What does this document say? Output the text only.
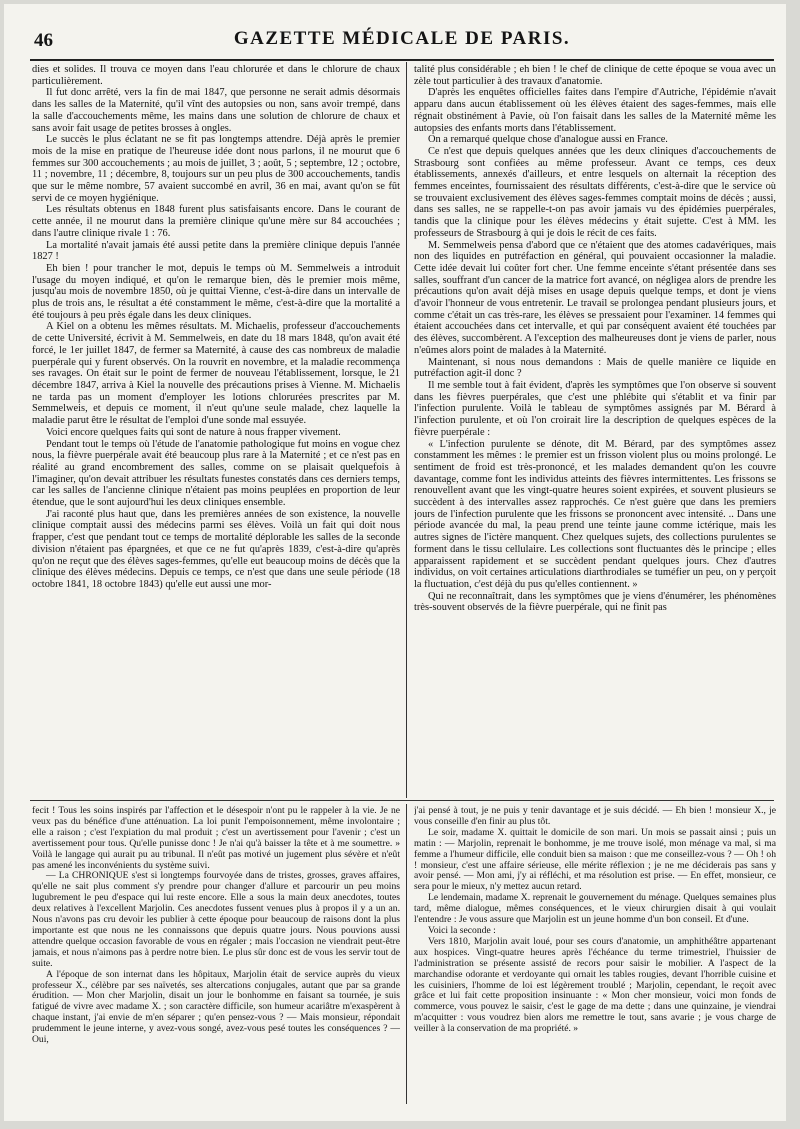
46	GAZETTE MÉDICALE DE PARIS.

dies et solides. Il trouva ce moyen dans l'eau chlorurée et dans le chlorure de chaux particulièrement.

Il fut donc arrêté, vers la fin de mai 1847, que personne ne serait admis désormais dans les salles de la Maternité, qu'il vînt des autopsies ou non, sans avoir trempé, dans la salle d'accouchements même, les mains dans une solution de chlorure de chaux et sans avoir fait usage de petites brosses à ongles.

Le succès le plus éclatant ne se fit pas longtemps attendre. Déjà après le premier mois de la mise en pratique de l'heureuse idée dont nous parlons, il ne mourut que 6 femmes sur 300 accouchements ; au mois de juillet, 3 ; août, 5 ; septembre, 12 ; octobre, 11 ; novembre, 11 ; décembre, 8, toujours sur un peu plus de 300 accouchements, tandis que sur le même nombre, 57 avaient succombé en avril, 36 en mai, avant qu'on se fût servi de ce moyen hygiénique.

Les résultats obtenus en 1848 furent plus satisfaisants encore. Dans le courant de cette année, il ne mourut dans la première clinique qu'une mère sur 84 accouchées ; dans l'autre clinique rivale 1 : 76.

La mortalité n'avait jamais été aussi petite dans la première clinique depuis l'année 1827 !

Eh bien ! pour trancher le mot, depuis le temps où M. Semmelweis a introduit l'usage du moyen indiqué, et qu'on le remarque bien, dès le premier mois même, jusqu'au mois de novembre 1850, où je quittai Vienne, c'est-à-dire dans un intervalle de plus de trois ans, le résultat a été constamment le même, c'est-à-dire que la mortalité a été toujours à peu près égale dans les deux cliniques.

A Kiel on a obtenu les mêmes résultats. M. Michaelis, professeur d'accouchements de cette Université, écrivit à M. Semmelweis, en date du 18 mars 1848, qu'on avait été forcé, le 1er juillet 1847, de fermer sa Maternité, à cause des cas nombreux de maladie puerpérale qui y furent observés. On la rouvrit en novembre, et la maladie recommença ses ravages. On était sur le point de fermer de nouveau l'établissement, lorsque, le 21 décembre 1847, arriva à Kiel la nouvelle des précautions prises à Vienne. M. Michaelis ne tarda pas un moment d'employer les lotions chlorurées prescrites par M. Semmelweis, et depuis ce moment, il n'eut qu'une seule malade, chez laquelle la maladie parut être le résultat de l'emploi d'une sonde mal essuyée.

Voici encore quelques faits qui sont de nature à nous frapper vivement.

Pendant tout le temps où l'étude de l'anatomie pathologique fut moins en vogue chez nous, la fièvre puerpérale avait été beaucoup plus rare à la Maternité ; et ce n'est pas en réalité au grand encombrement des salles, comme on se plaisait quelquefois à l'imaginer, qu'on devait attribuer les résultats funestes constatés dans ces derniers temps, car les salles de l'ancienne clinique n'étaient pas moins peuplées en proportion de leur étendue, que le sont aujourd'hui les deux cliniques ensemble.

J'ai raconté plus haut que, dans les premières années de son existence, la nouvelle clinique comptait aussi des médecins parmi ses élèves. Voilà un fait qui doit nous frapper, c'est que pendant tout ce temps de mortalité déplorable les salles de la seconde division n'étaient pas épargnées, et que ce ne fut qu'après 1839, c'est-à-dire qu'après qu'on ne reçut que des élèves sages-femmes, qu'elle eut beaucoup moins de décès que la clinique des élèves médecins. Depuis ce temps, ce n'est que dans une seule période (18 octobre 1841, 18 octobre 1843) qu'elle eut aussi une mor-

talité plus considérable ; eh bien ! le chef de clinique de cette époque se voua avec un zèle tout particulier à des travaux d'anatomie.

D'après les enquêtes officielles faites dans l'empire d'Autriche, l'épidémie n'avait apparu dans aucun établissement où les élèves étaient des sages-femmes, mais elle régnait obstinément à Pavie, où l'on faisait dans les salles de la Maternité même les autopsies des enfants morts dans l'établissement.

On a remarqué quelque chose d'analogue aussi en France.

Ce n'est que depuis quelques années que les deux cliniques d'accouchements de Strasbourg sont confiées au même professeur. Avant ce temps, ces deux établissements, annexés d'ailleurs, et entre lesquels on alternait la réception des femmes enceintes, fournissaient des résultats différents, c'est-à-dire que le service où se trouvaient exclusivement des élèves sages-femmes comptait moins de décès ; aussi, dans ses salles, ne se rappelle-t-on pas avoir jamais vu des épidémies puerpérales, tandis que la clinique pour les élèves médecins y était sujette. C'est à MM. les professeurs de Strasbourg à qui je dois le récit de ces faits.

M. Semmelweis pensa d'abord que ce n'étaient que des atomes cadavériques, mais non des liquides en putréfaction en général, qui pouvaient occasionner la maladie. Cette idée devait lui coûter fort cher. Une femme enceinte s'étant présentée dans ses salles, souffrant d'un cancer de la matrice fort avancé, on négligea alors de prendre les précautions qu'on avait déjà mises en usage depuis quelque temps, et dont je viens d'avoir l'honneur de vous entretenir. Le travail se prolongea pendant plusieurs jours, et comme c'était un cas très-rare, les élèves se pressaient pour l'examiner. 14 femmes qui étaient accouchées dans cet intervalle, et qui par conséquent avaient été touchées par des élèves, succombèrent. A l'exception des malheureuses dont je viens de parler, nous n'eûmes alors point de malades à la Maternité.

Maintenant, si nous nous demandons : Mais de quelle manière ce liquide en putréfaction agit-il donc ?

Il me semble tout à fait évident, d'après les symptômes que l'on observe si souvent dans les fièvres puerpérales, que c'est une phlébite qui s'établit et va finir par l'infection purulente. Voilà le tableau de symptômes assignés par M. Bérard à l'infection purulente, et où l'on croirait lire la description de quelques espèces de la fièvre puerpérale :

« L'infection purulente se dénote, dit M. Bérard, par des symptômes assez constamment les mêmes : le premier est un frisson violent plus ou moins prolongé. Le sentiment de froid est très-prononcé, et les malades demandent qu'on les couvre davantage, comme font les individus atteints des fièvres intermittentes. Les frissons se renouvellent avant que les vingt-quatre heures soient expirées, et souvent plusieurs se succèdent à des intervalles assez rapprochés. Ce n'est guère que dans les premiers jours de l'infection purulente que les frissons se prononcent avec intensité. .. Dans une période avancée du mal, la peau prend une teinte jaune comme ictérique, mais les autres signes de l'ictère manquent. Chez quelques sujets, des collections purulentes se forment dans le tissu cellulaire. Les collections sont fluctuantes dès le principe ; elles apparaissent rapidement et se succèdent pendant quelques jours. Chez d'autres individus, on voit certaines articulations diarthrodiales se tuméfier un peu, on y perçoit la fluctuation, c'est déjà du pus qu'elles contiennent. »

Qui ne reconnaîtrait, dans les symptômes que je viens d'énumérer, les phénomènes très-souvent observés de la fièvre puerpérale, qui ne finit pas

fecit ! Tous les soins inspirés par l'affection et le désespoir n'ont pu le rappeler à la vie. Je ne veux pas du bénéfice d'une atténuation. La loi punit l'empoisonnement, même involontaire ; elle a raison ; c'est l'expiation du mal produit ; c'est un avertissement pour l'avenir ; c'est un avertissement pour tous. Qu'elle punisse donc ! Je n'ai qu'à baisser la tête et à me soumettre. » Voilà le langage qui aurait pu au tribunal. Il n'eût pas motivé un jugement plus sévère et n'eût pas amené les inconvénients du système suivi.

— La CHRONIQUE s'est si longtemps fourvoyée dans de tristes, grosses, graves affaires, qu'elle ne sait plus comment s'y prendre pour changer d'allure et parcourir un peu moins lugubrement le peu d'espace qui lui reste encore. Elle a sous la main deux anecdotes, toutes deux relatives à l'excellent Marjolin. Ces anecdotes fussent venues plus à propos il y a un an. Nous n'avons pas cru devoir les publier à cette époque pour beaucoup de raisons dont la plus importante est que nous ne les connaissons que depuis quatre jours. Nous pouvions aussi attendre quelque occasion favorable de vous en régaler ; mais l'occasion ne viendrait peut-être jamais, et nous n'aimons pas à perdre notre bien. Le plus sûr donc est de vous les servir tout de suite.

A l'époque de son internat dans les hôpitaux, Marjolin était de service auprès du vieux professeur X., célèbre par ses naïvetés, ses altercations conjugales, autant que par sa grande érudition. — Mon cher Marjolin, disait un jour le bonhomme en faisant sa tournée, je suis fatigué de vivre avec madame X. ; son caractère difficile, son humeur acariâtre m'exaspèrent à chaque instant, j'ai envie de m'en séparer ; qu'en pensez-vous ? — Mais monsieur, répondait prudemment le jeune interne, y avez-vous songé, avez-vous pesé toutes les conséquences ? — Oui,

j'ai pensé à tout, je ne puis y tenir davantage et je suis décidé. — Eh bien ! monsieur X., je vous conseille d'en finir au plus tôt.

Le soir, madame X. quittait le domicile de son mari. Un mois se passait ainsi ; puis un matin : — Marjolin, reprenait le bonhomme, je me trouve isolé, mon ménage va mal, si ma femme a l'humeur difficile, elle conduit bien sa maison : que me conseillez-vous ? — Oh ! oh ! monsieur, c'est une affaire sérieuse, elle mérite réflexion ; je ne me déciderais pas sans y avoir pensé. — Mon ami, j'y ai réfléchi, et ma résolution est prise. — En effet, monsieur, ce sera pour le mieux, n'y mettez aucun retard.

Le lendemain, madame X. reprenait le gouvernement du ménage. Quelques semaines plus tard, même dialogue, mêmes conséquences, et le vieux chirurgien disait à qui voulait l'entendre : Je vous assure que Marjolin est un jeune homme d'un bon conseil. Et d'une.

Voici la seconde :

Vers 1810, Marjolin avait loué, pour ses cours d'anatomie, un amphithéâtre appartenant aux hospices. Vingt-quatre heures après l'échéance du terme trimestriel, l'huissier de l'administration se présente assisté de recors pour saisir le mobilier. A l'aspect de la marchandise odorante et verdoyante qui ornait les tables rougies, devant l'horrible cuisine et les cuisiniers, l'homme de loi est légèrement troublé ; Marjolin, cependant, le reçoit avec grâce et lui fait cette proposition insinuante : « Mon cher monsieur, voici mon fonds de commerce, vous pouvez le saisir, c'est le gage de ma dette ; dans une quinzaine, je viendrai m'acquitter : vous voudrez bien alors me remettre le tout, sans avarie ; je vous charge de veiller à la conservation de ma propriété. »
